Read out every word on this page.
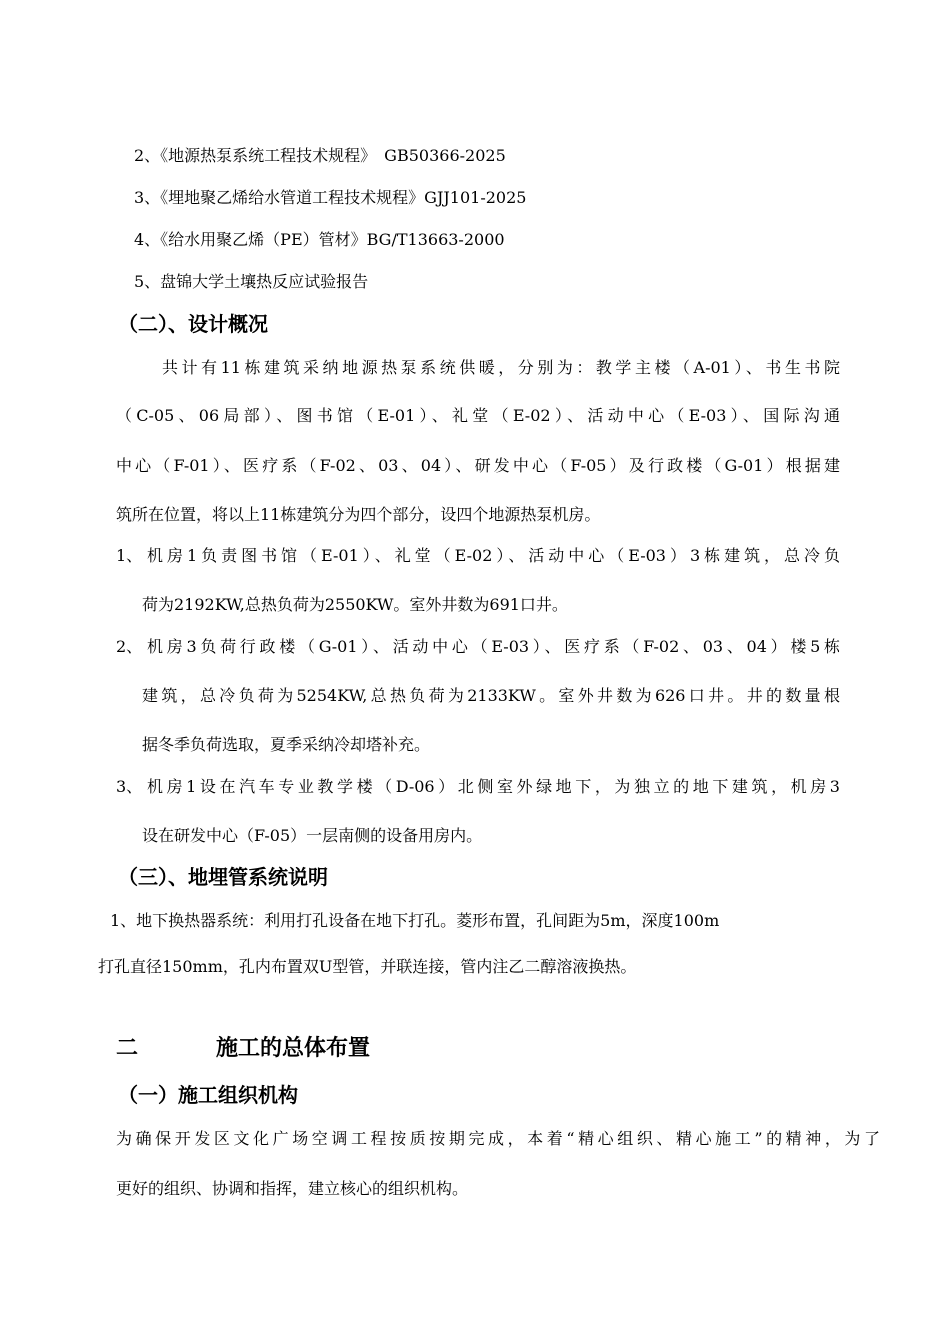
2、《地源热泵系统工程技术规程》　GB50366-2025
3、《埋地聚乙烯给水管道工程技术规程》GJJ101-2025
4、《给水用聚乙烯（PE）管材》BG/T13663-2000
5、盘锦大学土壤热反应试验报告
（二）、设计概况
共计有11栋建筑采纳地源热泵系统供暖，分别为：教学主楼（A-01）、书生书院
（C-05、06局部）、图书馆（E-01）、礼堂（E-02）、活动中心（E-03）、国际沟通
中心（F-01）、医疗系（F-02、03、04）、研发中心（F-05）及行政楼（G-01）根据建
筑所在位置，将以上11栋建筑分为四个部分，设四个地源热泵机房。
1、 机房1负责图书馆（E-01）、礼堂（E-02）、活动中心（E-03）3栋建筑，总冷负
荷为2192KW,总热负荷为2550KW。室外井数为691口井。
2、 机房3负荷行政楼（G-01）、活动中心（E-03）、医疗系（F-02、03、04）楼5栋
建筑，总冷负荷为5254KW,总热负荷为2133KW。室外井数为626口井。井的数量根
据冬季负荷选取，夏季采纳冷却塔补充。
3、 机房1设在汽车专业教学楼（D-06）北侧室外绿地下，为独立的地下建筑，机房3
设在研发中心（F-05）一层南侧的设备用房内。
（三）、地埋管系统说明
1、地下换热器系统：利用打孔设备在地下打孔。菱形布置，孔间距为5m，深度100m
打孔直径150mm，孔内布置双U型管，并联连接，管内注乙二醇溶液换热。
二	施工的总体布置
（一）施工组织机构
为确保开发区文化广场空调工程按质按期完成，本着“精心组织、精心施工”的精神，为了
更好的组织、协调和指挥，建立核心的组织机构。
